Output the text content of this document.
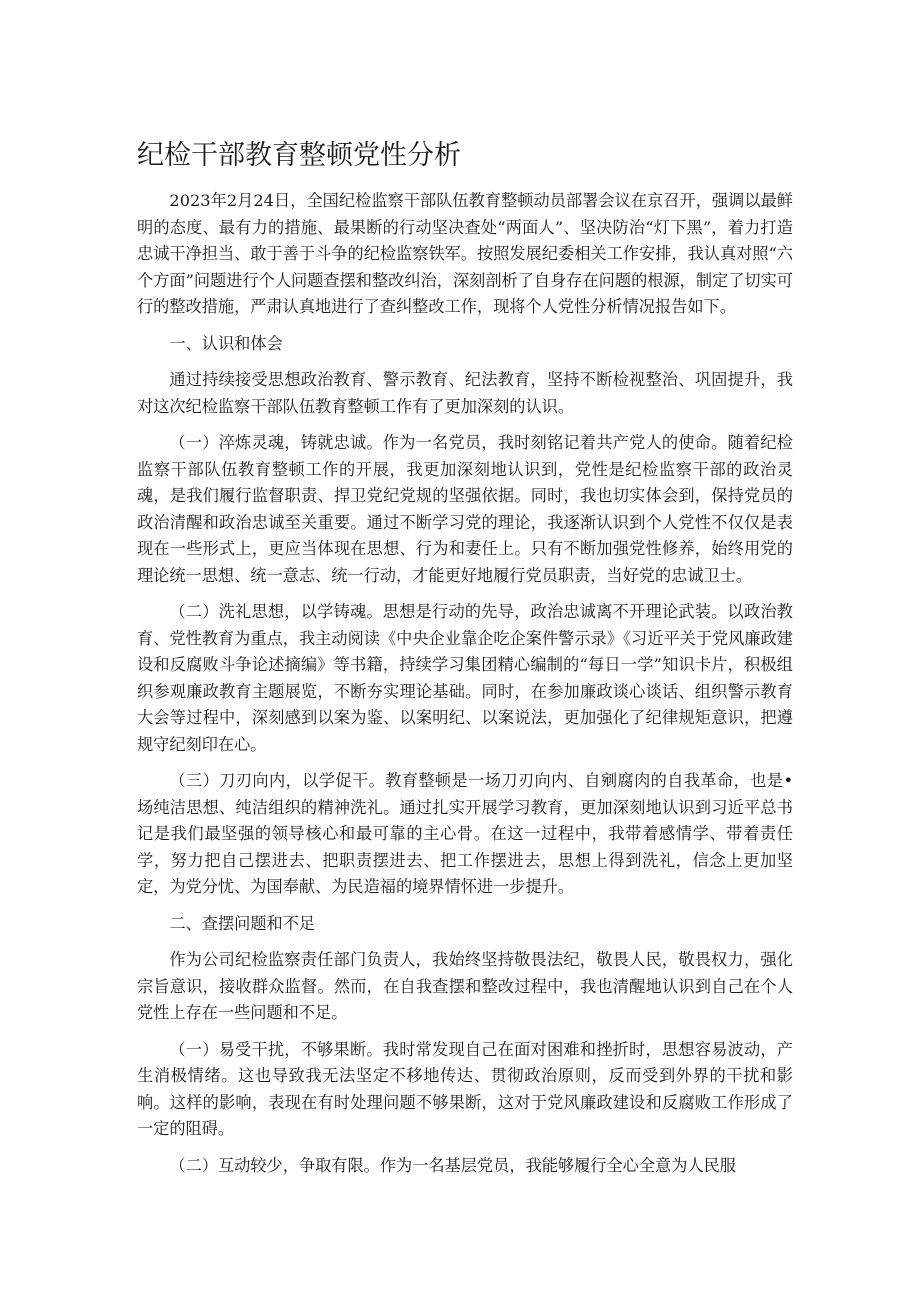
纪检干部教育整顿党性分析

2023年2月24日，全国纪检监察干部队伍教育整顿动员部署会议在京召开，强调以最鲜明的态度、最有力的措施、最果断的行动坚决查处“两面人”、坚决防治“灯下黑”，着力打造忠诚干净担当、敢于善于斗争的纪检监察铁军。按照发展纪委相关工作安排，我认真对照“六个方面”问题进行个人问题查摆和整改纠治，深刻剖析了自身存在问题的根源，制定了切实可行的整改措施，严肃认真地进行了查纠整改工作，现将个人党性分析情况报告如下。

一、认识和体会

通过持续接受思想政治教育、警示教育、纪法教育，坚持不断检视整治、巩固提升，我对这次纪检监察干部队伍教育整顿工作有了更加深刻的认识。

（一）淬炼灵魂，铸就忠诚。作为一名党员，我时刻铭记着共产党人的使命。随着纪检监察干部队伍教育整顿工作的开展，我更加深刻地认识到，党性是纪检监察干部的政治灵魂，是我们履行监督职责、捍卫党纪党规的坚强依据。同时，我也切实体会到，保持党员的政治清醒和政治忠诚至关重要。通过不断学习党的理论，我逐渐认识到个人党性不仅仅是表现在一些形式上，更应当体现在思想、行为和妻任上。只有不断加强党性修养，始终用党的理论统一思想、统一意志、统一行动，才能更好地履行党员职责，当好党的忠诚卫士。

（二）洗礼思想，以学铸魂。思想是行动的先导，政治忠诚离不开理论武装。以政治教育、党性教育为重点，我主动阅读《中央企业靠企吃企案件警示录》《习近平关于党风廉政建设和反腐败斗争论述摘编》等书籍，持续学习集团精心编制的“每日一学”知识卡片，积极组织参观廉政教育主题展览，不断夯实理论基础。同时，在参加廉政谈心谈话、组织警示教育大会等过程中，深刻感到以案为鉴、以案明纪、以案说法，更加强化了纪律规矩意识，把遵规守纪刻印在心。

（三）刀刃向内，以学促干。教育整顿是一场刀刃向内、自剜腐肉的自我革命，也是•场纯洁思想、纯洁组织的精神洗礼。通过扎实开展学习教育，更加深刻地认识到习近平总书记是我们最坚强的领导核心和最可靠的主心骨。在这一过程中，我带着感情学、带着责任学，努力把自己摆进去、把职责摆进去、把工作摆进去，思想上得到洗礼，信念上更加坚定，为党分忧、为国奉献、为民造福的境界情怀进一步提升。

二、查摆问题和不足

作为公司纪检监察责任部门负责人，我始终坚持敬畏法纪，敬畏人民，敬畏权力，强化宗旨意识，接收群众监督。然而，在自我查摆和整改过程中，我也清醒地认识到自己在个人党性上存在一些问题和不足。

（一）易受干扰，不够果断。我时常发现自己在面对困难和挫折时，思想容易波动，产生消极情绪。这也导致我无法坚定不移地传达、贯彻政治原则，反而受到外界的干扰和影响。这样的影响，表现在有时处理问题不够果断，这对于党风廉政建设和反腐败工作形成了一定的阻碍。

（二）互动较少，争取有限。作为一名基层党员，我能够履行全心全意为人民服
